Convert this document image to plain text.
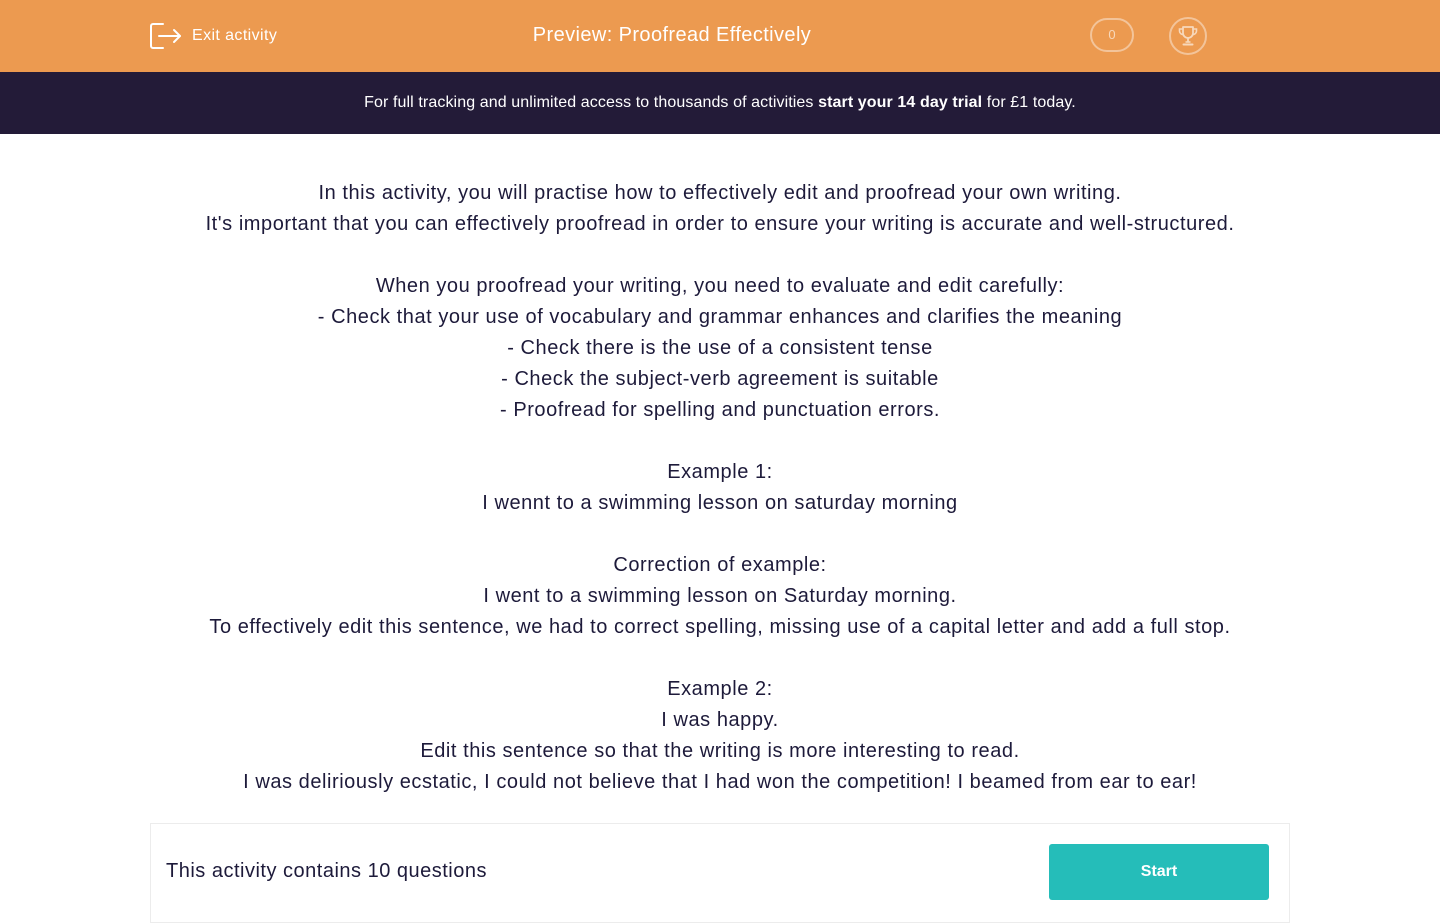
Exit activity	Preview: Proofread Effectively	0
For full tracking and unlimited access to thousands of activities start your 14 day trial for £1 today.
In this activity, you will practise how to effectively edit and proofread your own writing.
It's important that you can effectively proofread in order to ensure your writing is accurate and well-structured.
When you proofread your writing, you need to evaluate and edit carefully:
- Check that your use of vocabulary and grammar enhances and clarifies the meaning
- Check there is the use of a consistent tense
- Check the subject-verb agreement is suitable
- Proofread for spelling and punctuation errors.
Example 1:
I wennt to a swimming lesson on saturday morning
Correction of example:
I went to a swimming lesson on Saturday morning.
To effectively edit this sentence, we had to correct spelling, missing use of a capital letter and add a full stop.
Example 2:
I was happy.
Edit this sentence so that the writing is more interesting to read.
I was deliriously ecstatic, I could not believe that I had won the competition! I beamed from ear to ear!
This activity contains 10 questions	Start
